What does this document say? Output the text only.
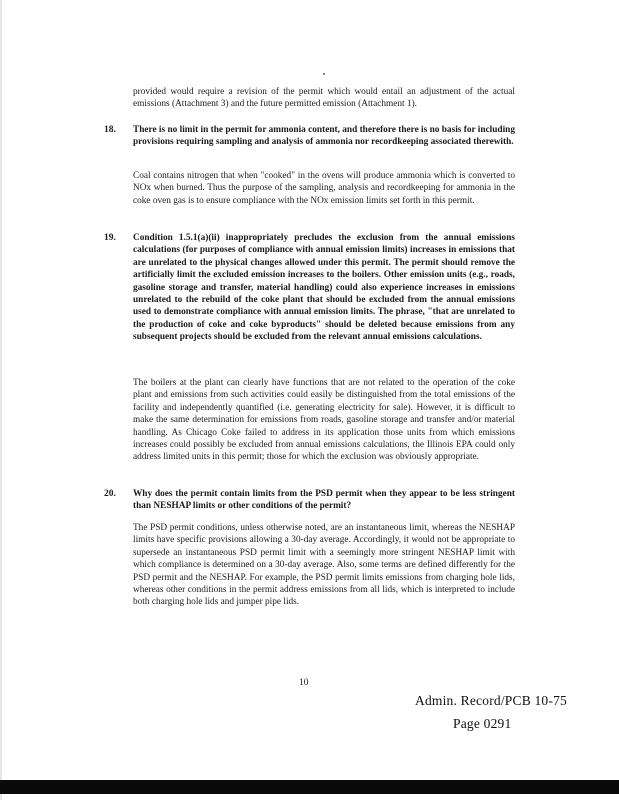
provided would require a revision of the permit which would entail an adjustment of the actual emissions (Attachment 3) and the future permitted emission (Attachment 1).

18. There is no limit in the permit for ammonia content, and therefore there is no basis for including provisions requiring sampling and analysis of ammonia nor recordkeeping associated therewith.

Coal contains nitrogen that when "cooked" in the ovens will produce ammonia which is converted to NOx when burned. Thus the purpose of the sampling, analysis and recordkeeping for ammonia in the coke oven gas is to ensure compliance with the NOx emission limits set forth in this permit.

19. Condition 1.5.1(a)(ii) inappropriately precludes the exclusion from the annual emissions calculations (for purposes of compliance with annual emission limits) increases in emissions that are unrelated to the physical changes allowed under this permit. The permit should remove the artificially limit the excluded emission increases to the boilers. Other emission units (e.g., roads, gasoline storage and transfer, material handling) could also experience increases in emissions unrelated to the rebuild of the coke plant that should be excluded from the annual emissions used to demonstrate compliance with annual emission limits. The phrase, "that are unrelated to the production of coke and coke byproducts" should be deleted because emissions from any subsequent projects should be excluded from the relevant annual emissions calculations.

The boilers at the plant can clearly have functions that are not related to the operation of the coke plant and emissions from such activities could easily be distinguished from the total emissions of the facility and independently quantified (i.e. generating electricity for sale). However, it is difficult to make the same determination for emissions from roads, gasoline storage and transfer and/or material handling. As Chicago Coke failed to address in its application those units from which emissions increases could possibly be excluded from annual emissions calculations, the Illinois EPA could only address limited units in this permit; those for which the exclusion was obviously appropriate.

20. Why does the permit contain limits from the PSD permit when they appear to be less stringent than NESHAP limits or other conditions of the permit?

The PSD permit conditions, unless otherwise noted, are an instantaneous limit, whereas the NESHAP limits have specific provisions allowing a 30-day average. Accordingly, it would not be appropriate to supersede an instantaneous PSD permit limit with a seemingly more stringent NESHAP limit with which compliance is determined on a 30-day average. Also, some terms are defined differently for the PSD permit and the NESHAP. For example, the PSD permit limits emissions from charging hole lids, whereas other conditions in the permit address emissions from all lids, which is interpreted to include both charging hole lids and jumper pipe lids.

10
Admin. Record/PCB 10-75
Page 0291
